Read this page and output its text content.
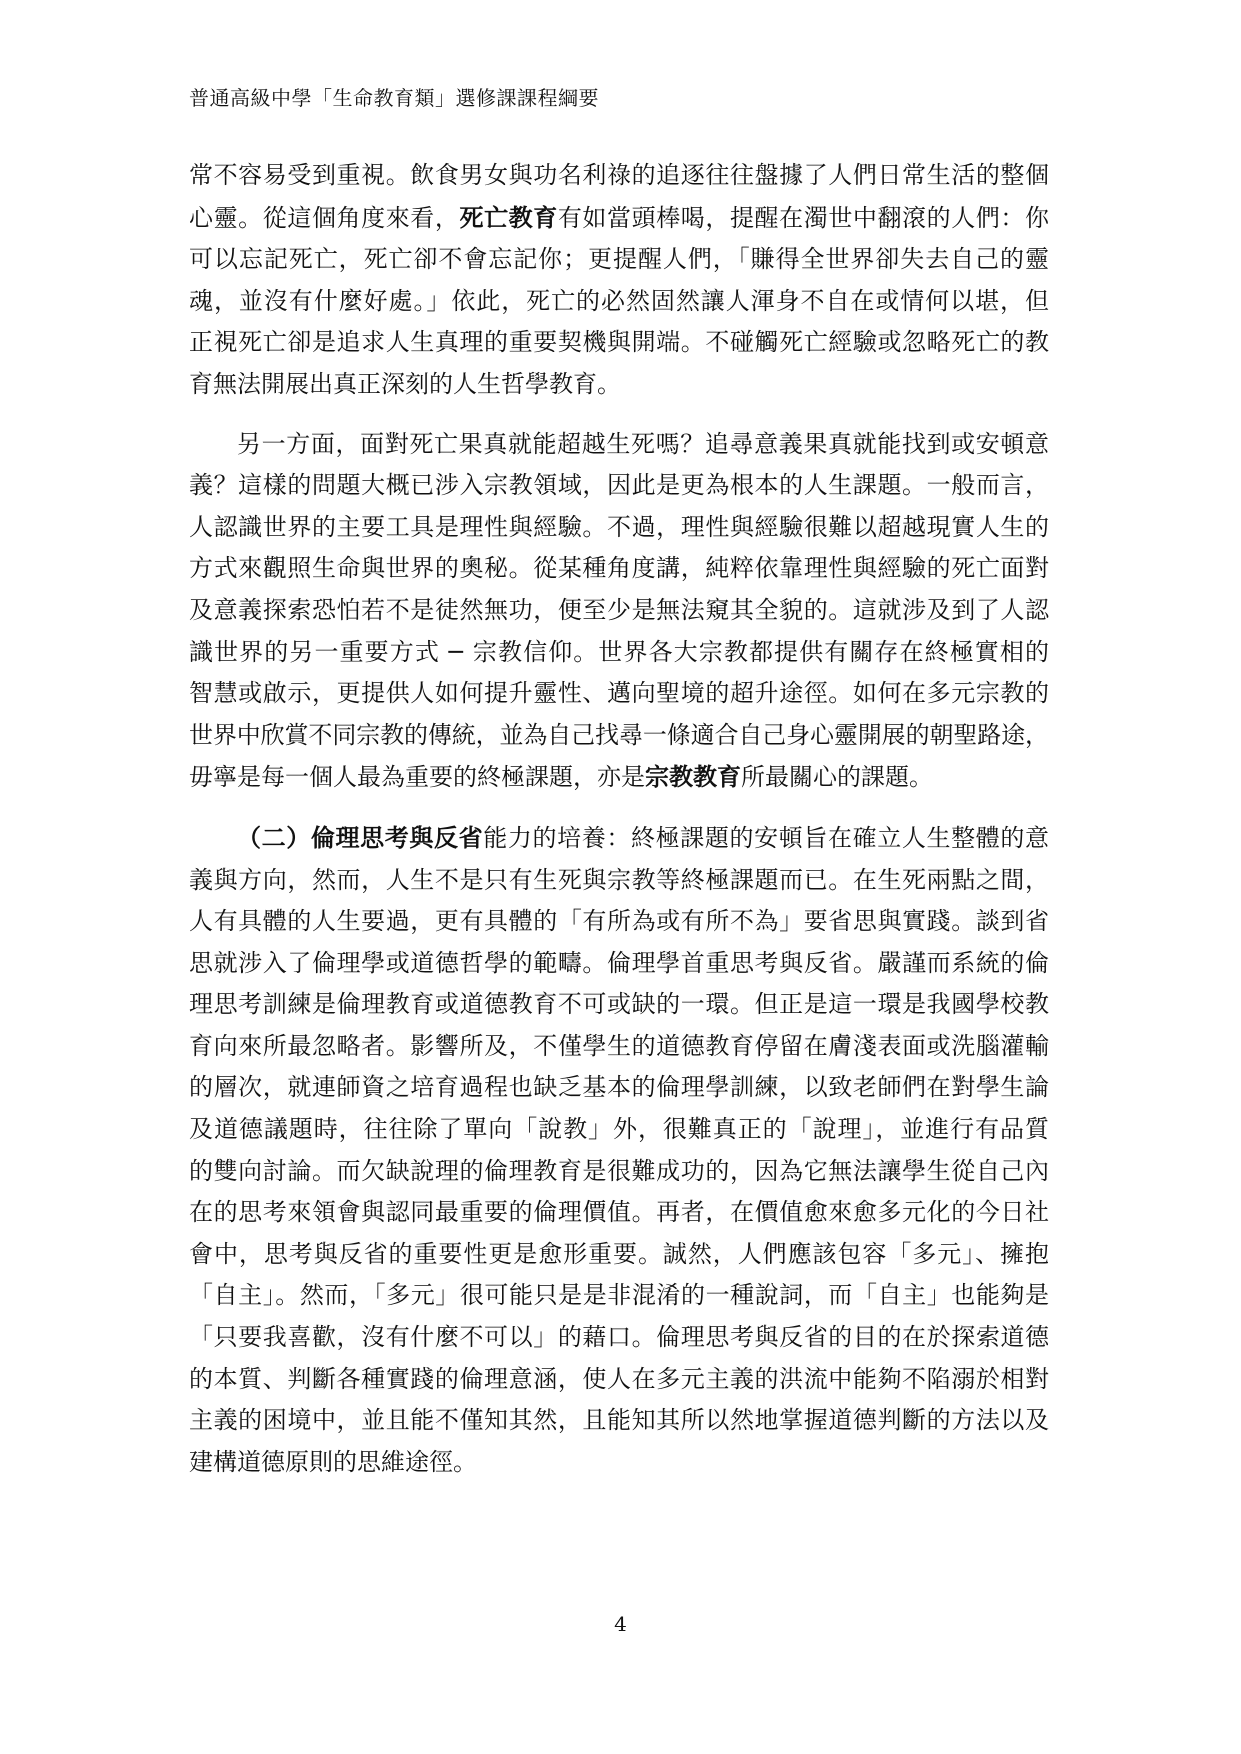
普通高級中學「生命教育類」選修課課程綱要

常不容易受到重視。飲食男女與功名利祿的追逐往往盤據了人們日常生活的整個
心靈。從這個角度來看，死亡教育有如當頭棒喝，提醒在濁世中翻滾的人們：你
可以忘記死亡，死亡卻不會忘記你；更提醒人們，「賺得全世界卻失去自己的靈
魂，並沒有什麼好處。」依此，死亡的必然固然讓人渾身不自在或情何以堪，但
正視死亡卻是追求人生真理的重要契機與開端。不碰觸死亡經驗或忽略死亡的教
育無法開展出真正深刻的人生哲學教育。

另一方面，面對死亡果真就能超越生死嗎？追尋意義果真就能找到或安頓意
義？這樣的問題大概已涉入宗教領域，因此是更為根本的人生課題。一般而言，
人認識世界的主要工具是理性與經驗。不過，理性與經驗很難以超越現實人生的
方式來觀照生命與世界的奧秘。從某種角度講，純粹依靠理性與經驗的死亡面對
及意義探索恐怕若不是徒然無功，便至少是無法窺其全貌的。這就涉及到了人認
識世界的另一重要方式 ─ 宗教信仰。世界各大宗教都提供有關存在終極實相的
智慧或啟示，更提供人如何提升靈性、邁向聖境的超升途徑。如何在多元宗教的
世界中欣賞不同宗教的傳統，並為自己找尋一條適合自己身心靈開展的朝聖路途，
毋寧是每一個人最為重要的終極課題，亦是宗教教育所最關心的課題。

（二）倫理思考與反省能力的培養：終極課題的安頓旨在確立人生整體的意
義與方向，然而，人生不是只有生死與宗教等終極課題而已。在生死兩點之間，
人有具體的人生要過，更有具體的「有所為或有所不為」要省思與實踐。談到省
思就涉入了倫理學或道德哲學的範疇。倫理學首重思考與反省。嚴謹而系統的倫
理思考訓練是倫理教育或道德教育不可或缺的一環。但正是這一環是我國學校教
育向來所最忽略者。影響所及，不僅學生的道德教育停留在膚淺表面或洗腦灌輸
的層次，就連師資之培育過程也缺乏基本的倫理學訓練，以致老師們在對學生論
及道德議題時，往往除了單向「說教」外，很難真正的「說理」，並進行有品質
的雙向討論。而欠缺說理的倫理教育是很難成功的，因為它無法讓學生從自己內
在的思考來領會與認同最重要的倫理價值。再者，在價值愈來愈多元化的今日社
會中，思考與反省的重要性更是愈形重要。誠然，人們應該包容「多元」、擁抱
「自主」。然而，「多元」很可能只是是非混淆的一種說詞，而「自主」也能夠是
「只要我喜歡，沒有什麼不可以」的藉口。倫理思考與反省的目的在於探索道德
的本質、判斷各種實踐的倫理意涵，使人在多元主義的洪流中能夠不陷溺於相對
主義的困境中，並且能不僅知其然，且能知其所以然地掌握道德判斷的方法以及
建構道德原則的思維途徑。

4
